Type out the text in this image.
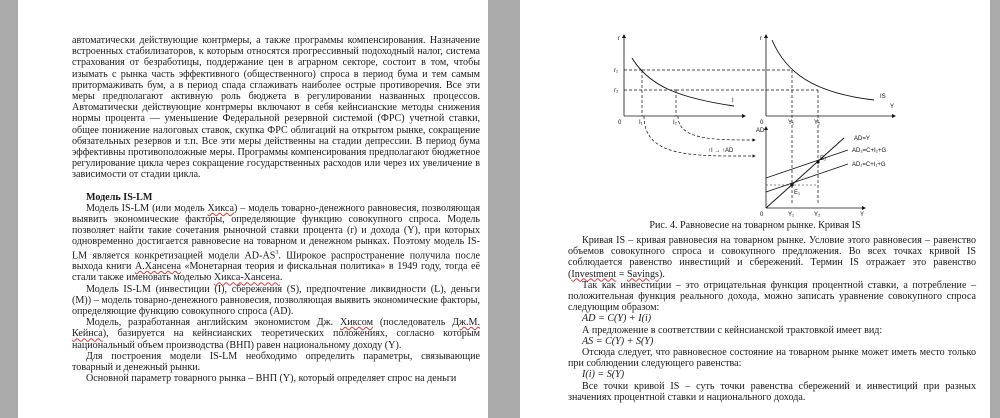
автоматически действующие контрмеры, а также программы компенсирования. Назначение встроенных стабилизаторов, к которым относятся прогрессивный подоходный налог, система страхования от безработицы, поддержание цен в аграрном секторе, состоит в том, чтобы изымать с рынка часть эффективного (общественного) спроса в период бума и тем самым притормаживать бум, а в период спада сглаживать наиболее острые противоречия. Все эти меры предполагают активную роль бюджета в регулировании названных процессов. Автоматически действующие контрмеры включают в себя кейнсианские методы снижения нормы процента — уменьшение Федеральной резервной системой (ФРС) учетной ставки, общее понижение налоговых ставок, скупка ФРС облигаций на открытом рынке, сокращение обязательных резервов и т.п. Все эти меры действенны на стадии депрессии. В период бума эффективны противоположные меры. Программы компенсирования предполагают бюджетное регулирование цикла через сокращение государственных расходов или через их увеличение в зависимости от стадии цикла.

Модель IS-LM

Модель IS-LM (или модель Хикса) – модель товарно-денежного равновесия, позволяющая выявить экономические факторы, определяющие функцию совокупного спроса. Модель позволяет найти такие сочетания рыночной ставки процента (r) и дохода (Y), при которых одновременно достигается равновесие на товарном и денежном рынках. Поэтому модель IS-LM является конкретизацией модели $AD-AS^3$. Широкое распространение получила после выхода книги А.Хансена «Монетарная теория и фискальная политика» в 1949 году, тогда её стали также именовать моделью Хикса-Хансена.

Модель IS-LM (инвестиции (I), сбережения (S), предпочтение ликвидности (L), деньги (M)) – модель товарно-денежного равновесия, позволяющая выявить экономические факторы, определяющие функцию совокупного спроса (AD).

Модель, разработанная английским экономистом Дж. Хиксом (последователь Дж.М. Кейнса), базируется на кейнсианских теоретических положениях, согласно которым национальный объем производства (ВНП) равен национальному доходу (Y).

Для построения модели IS-LM необходимо определить параметры, связывающие товарный и денежный рынки.

Основной параметр товарного рынка – ВНП (Y), который определяет спрос на деньги

r
r₁
r₂
I
I₁	I₂
0
r
IS
Y
Y₁	Y₂
0
AD
Y
AD=Y
AD₂=C+I₂+G
AD₁=C+I₁+G
↑I → ↑AD
E₁
E₂
Y₁	Y₂
0
Рис. 4. Равновесие на товарном рынке. Кривая IS

Кривая IS – кривая равновесия на товарном рынке. Условие этого равновесия – равенство объемов совокупного спроса и совокупного предложения. Во всех точках кривой IS соблюдается равенство инвестиций и сбережений. Термин IS отражает это равенство (Investment = Savings).

Так как инвестиции – это отрицательная функция процентной ставки, а потребление – положительная функция реального дохода, можно записать уравнение совокупного спроса следующим образом:

AD = C(Y) + I(i)

А предложение в соответствии с кейнсианской трактовкой имеет вид:

AS = C(Y) + S(Y)

Отсюда следует, что равновесное состояние на товарном рынке может иметь место только при соблюдении следующего равенства:

I(i) = S(Y)

Все точки кривой IS – суть точки равенства сбережений и инвестиций при разных значениях процентной ставки и национального дохода.
